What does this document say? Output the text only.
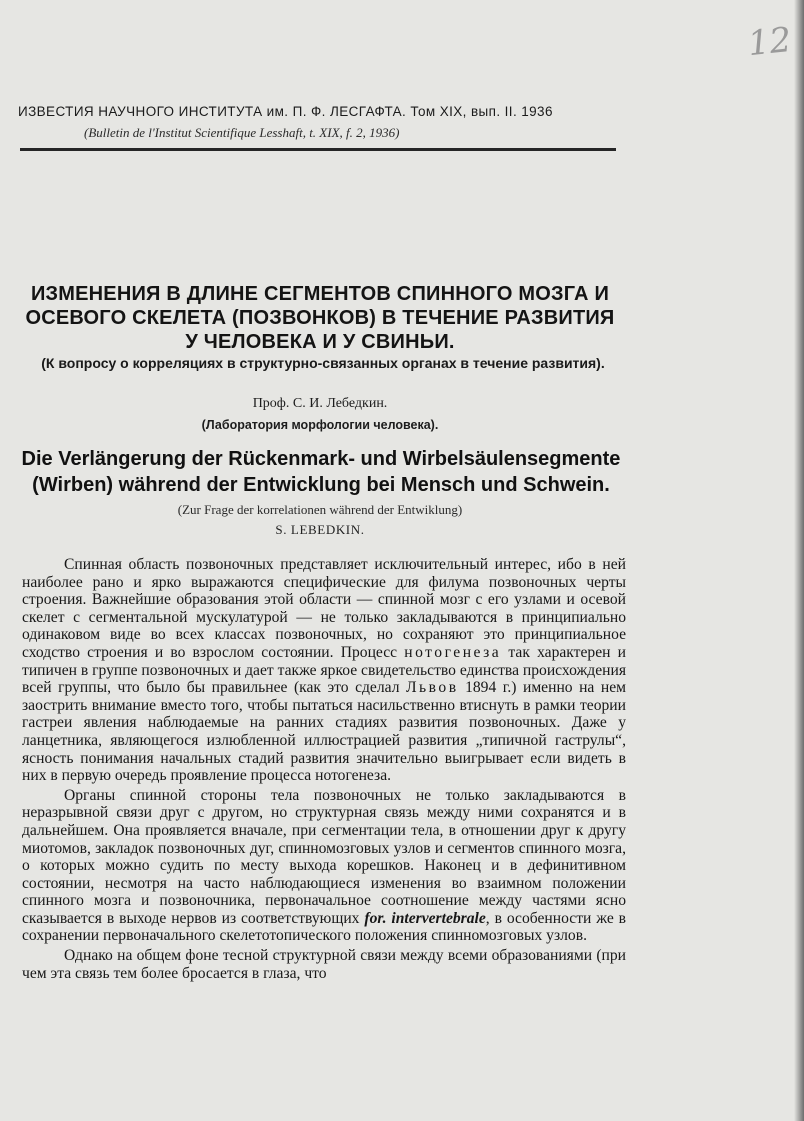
12
ИЗВЕСТИЯ НАУЧНОГО ИНСТИТУТА им. П. Ф. ЛЕСГАФТА. Том XIX, вып. II. 1936
(Bulletin de l'Institut Scientifique Lesshaft, t. XIX, f. 2, 1936)
ИЗМЕНЕНИЯ В ДЛИНЕ СЕГМЕНТОВ СПИННОГО МОЗГА И ОСЕВОГО СКЕЛЕТА (ПОЗВОНКОВ) В ТЕЧЕНИЕ РАЗВИТИЯ У ЧЕЛОВЕКА И У СВИНЬИ.
(К вопросу о корреляциях в структурно-связанных органах в течение развития).
Проф. С. И. Лебедкин.
(Лаборатория морфологии человека).
Die Verlängerung der Rückenmark- und Wirbelsäulensegmente (Wirben) während der Entwicklung bei Mensch und Schwein.
(Zur Frage der korrelationen während der Entwiklung)
S. LEBEDKIN.

Спинная область позвоночных представляет исключительный интерес, ибо в ней наиболее рано и ярко выражаются специфические для филума позвоночных черты строения. Важнейшие образования этой области — спинной мозг с его узлами и осевой скелет с сегментальной мускулатурой — не только закладываются в принципиально одинаковом виде во всех классах позвоночных, но сохраняют это принципиальное сходство строения и во взрослом состоянии. Процесс нотогенеза так характерен и типичен в группе позвоночных и дает также яркое свидетельство единства происхождения всей группы, что было бы правильнее (как это сделал Львов 1894 г.) именно на нем заострить внимание вместо того, чтобы пытаться насильственно втиснуть в рамки теории гастреи явления наблюдаемые на ранних стадиях развития позвоночных. Даже у ланцетника, являющегося излюбленной иллюстрацией развития „типичной гаструлы“, ясность понимания начальных стадий развития значительно выигрывает если видеть в них в первую очередь проявление процесса нотогенеза.

Органы спинной стороны тела позвоночных не только закладываются в неразрывной связи друг с другом, но структурная связь между ними сохранятся и в дальнейшем. Она проявляется вначале, при сегментации тела, в отношении друг к другу миотомов, закладок позвоночных дуг, спинномозговых узлов и сегментов спинного мозга, о которых можно судить по месту выхода корешков. Наконец и в дефинитивном состоянии, несмотря на часто наблюдающиеся изменения во взаимном положении спинного мозга и позвоночника, первоначальное соотношение между частями ясно сказывается в выходе нервов из соответствующих for. intervertebrale, в особенности же в сохранении первоначального скелетотопического положения спинномозговых узлов.

Однако на общем фоне тесной структурной связи между всеми образованиями (при чем эта связь тем более бросается в глаза, что
